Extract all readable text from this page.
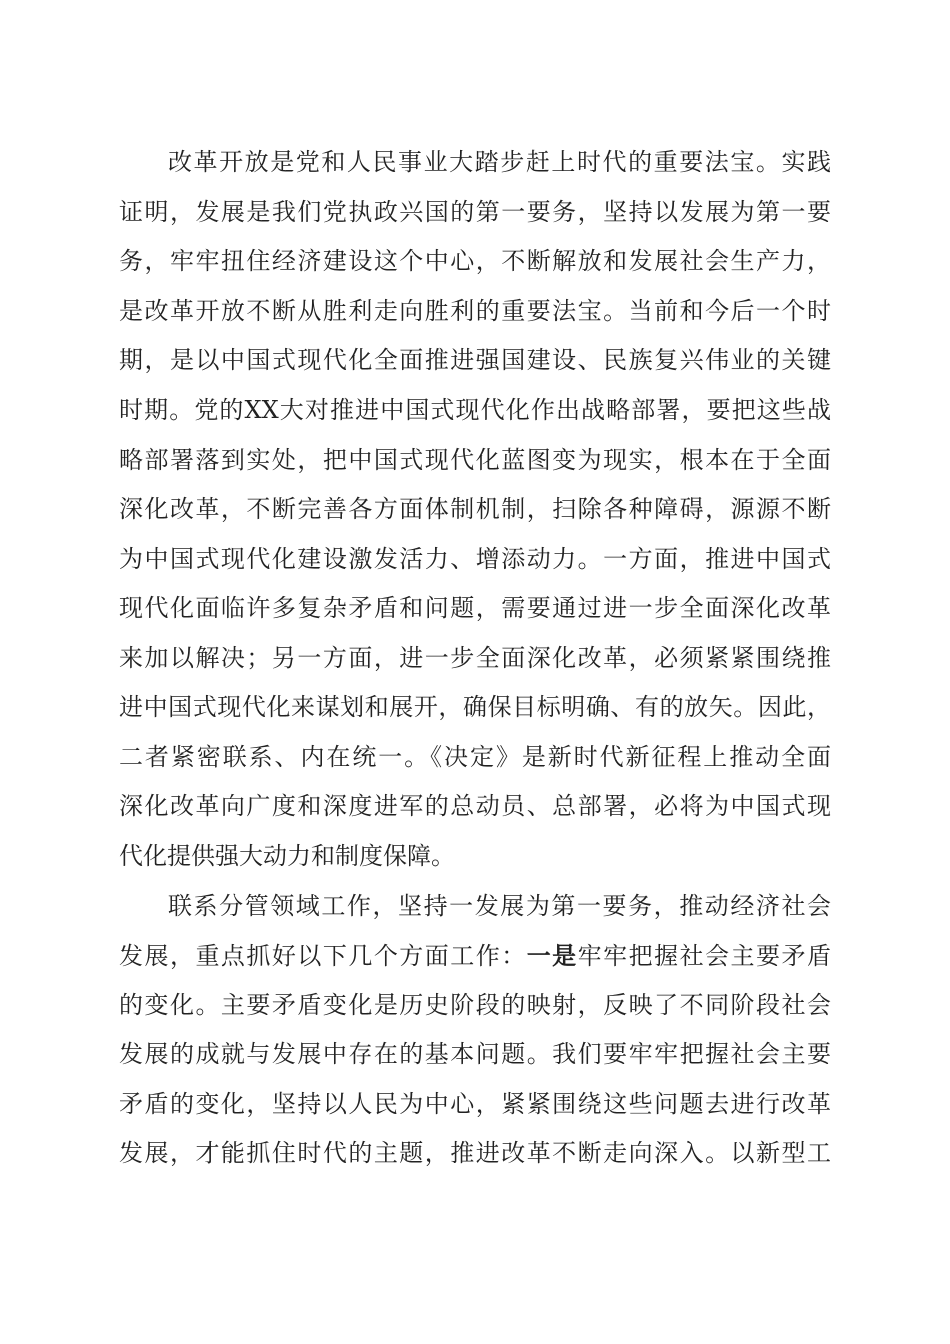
改革开放是党和人民事业大踏步赶上时代的重要法宝。实践
证明，发展是我们党执政兴国的第一要务，坚持以发展为第一要
务，牢牢扭住经济建设这个中心，不断解放和发展社会生产力，
是改革开放不断从胜利走向胜利的重要法宝。当前和今后一个时
期，是以中国式现代化全面推进强国建设、民族复兴伟业的关键
时期。党的XX大对推进中国式现代化作出战略部署，要把这些战
略部署落到实处，把中国式现代化蓝图变为现实，根本在于全面
深化改革，不断完善各方面体制机制，扫除各种障碍，源源不断
为中国式现代化建设激发活力、增添动力。一方面，推进中国式
现代化面临许多复杂矛盾和问题，需要通过进一步全面深化改革
来加以解决；另一方面，进一步全面深化改革，必须紧紧围绕推
进中国式现代化来谋划和展开，确保目标明确、有的放矢。因此，
二者紧密联系、内在统一。《决定》是新时代新征程上推动全面
深化改革向广度和深度进军的总动员、总部署，必将为中国式现
代化提供强大动力和制度保障。
联系分管领域工作，坚持一发展为第一要务，推动经济社会
发展，重点抓好以下几个方面工作：一是牢牢把握社会主要矛盾
的变化。主要矛盾变化是历史阶段的映射，反映了不同阶段社会
发展的成就与发展中存在的基本问题。我们要牢牢把握社会主要
矛盾的变化，坚持以人民为中心，紧紧围绕这些问题去进行改革
发展，才能抓住时代的主题，推进改革不断走向深入。以新型工
